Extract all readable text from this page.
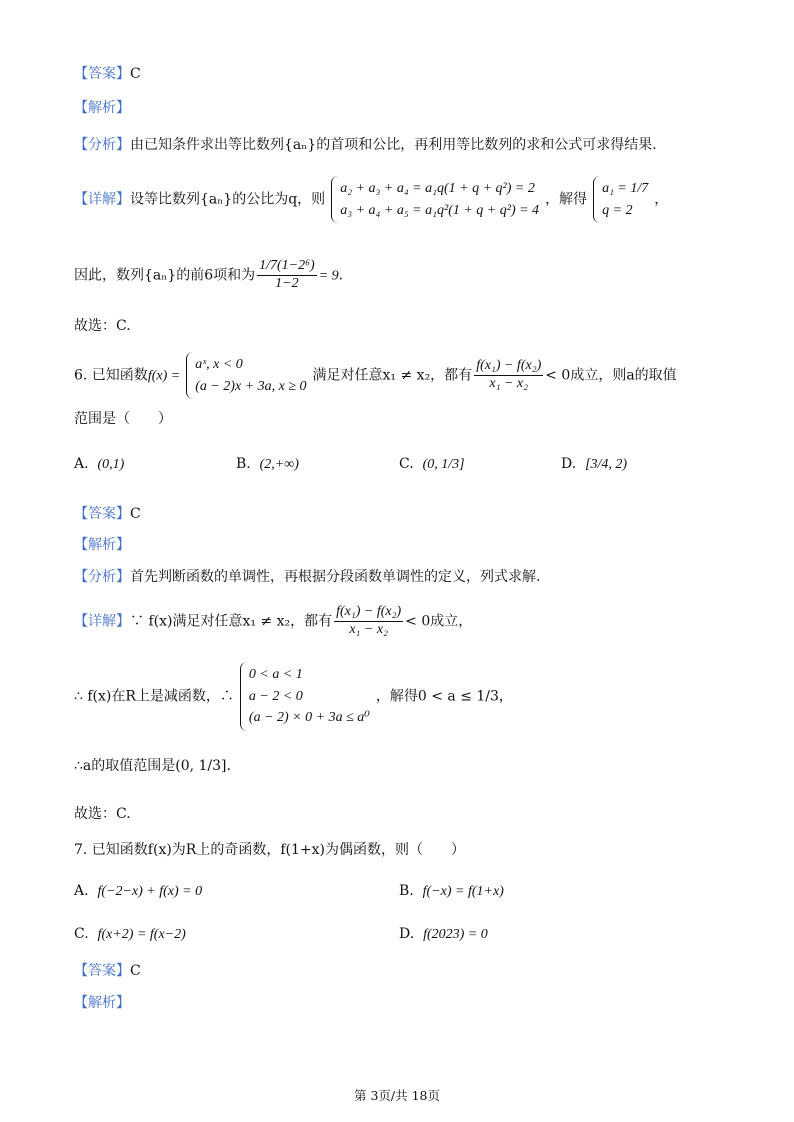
【答案】C
【解析】
【分析】由已知条件求出等比数列{aₙ}的首项和公比，再利用等比数列的求和公式可求得结果.
【详解】设等比数列{aₙ}的公比为q，则
a₂ + a₃ + a₄ = a₁q(1 + q + q²) = 2
a₃ + a₄ + a₅ = a₁q²(1 + q + q²) = 4
，解得
a₁ = 1/7
q = 2
，
因此，数列{aₙ}的前6项和为 $\frac{\text{1/7(1−2⁶)}}{1-2} = 9$.
故选：C.
6. 已知函数f(x) =
aˣ, x < 0
(a − 2)x + 3a, x ≥ 0
满足对任意x₁ ≠ x₂，都有 $\frac{\text{f(x₁) − f(x₂)}}{\text{x₁ − x₂}} < 0$成立，则a的取值
范围是（　　）
A.  (0,1)	B.  (2,+∞)	C.  (0, 1/3]	D.  [3/4, 2)
【答案】C
【解析】
【分析】首先判断函数的单调性，再根据分段函数单调性的定义，列式求解.
【详解】∵ f(x)满足对任意x₁ ≠ x₂，都有 $\frac{\text{f(x₁) − f(x₂)}}{\text{x₁ − x₂}} < 0$成立，
∴ f(x)在R上是减函数，∴
0 < a < 1
a − 2 < 0
(a − 2) × 0 + 3a ≤ a⁰
，解得0 < a ≤ 1/3，
∴a的取值范围是(0, 1/3].
故选：C.
7. 已知函数f(x)为R上的奇函数，f(1+x)为偶函数，则（　　）
A.  f(−2−x) + f(x) = 0	B.  f(−x) = f(1+x)
C.  f(x+2) = f(x−2)	D.  f(2023) = 0
【答案】C
【解析】
第 3页/共 18页
